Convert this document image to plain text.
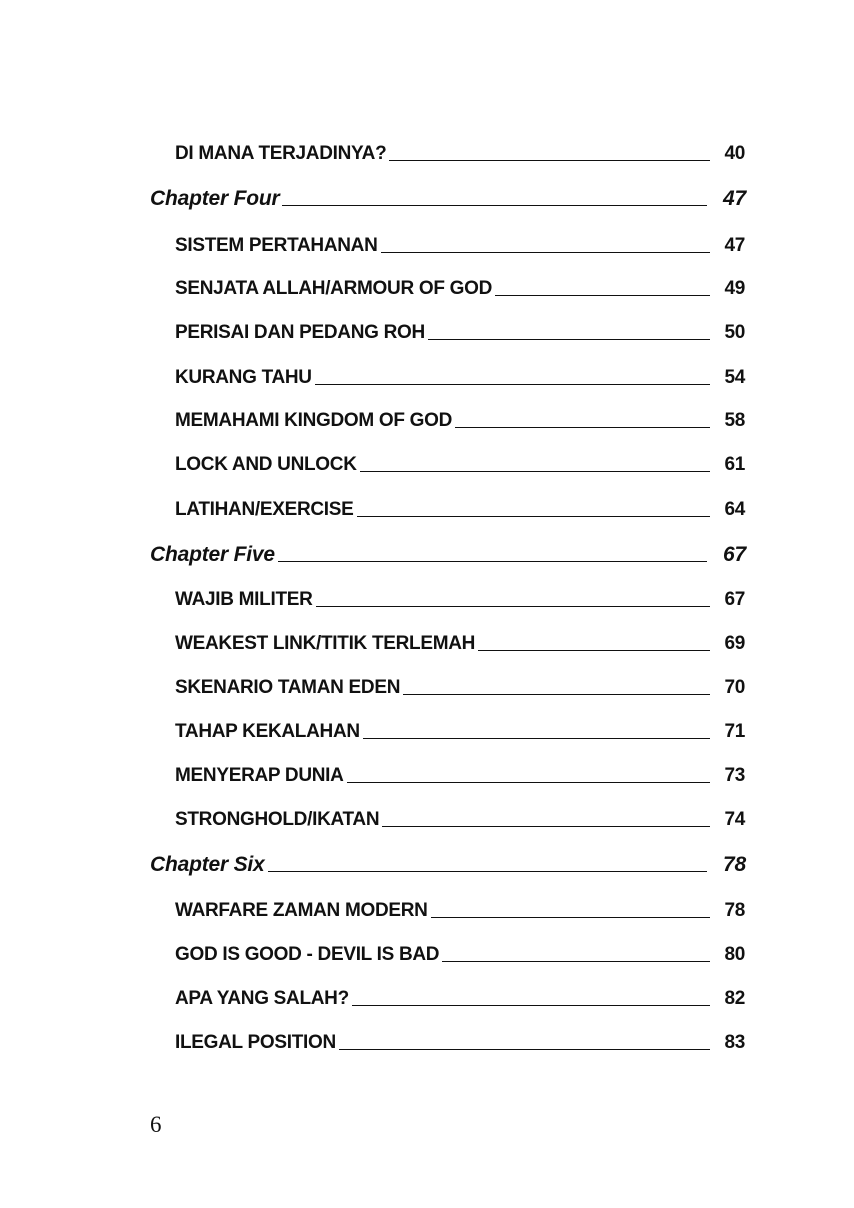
DI MANA TERJADINYA?	40
Chapter Four	47
SISTEM PERTAHANAN	47
SENJATA ALLAH/ARMOUR OF GOD	49
PERISAI DAN PEDANG ROH	50
KURANG TAHU	54
MEMAHAMI KINGDOM OF GOD	58
LOCK AND UNLOCK	61
LATIHAN/EXERCISE	64
Chapter Five	67
WAJIB MILITER	67
WEAKEST LINK/TITIK TERLEMAH	69
SKENARIO TAMAN EDEN	70
TAHAP KEKALAHAN	71
MENYERAP DUNIA	73
STRONGHOLD/IKATAN	74
Chapter Six	78
WARFARE ZAMAN MODERN	78
GOD IS GOOD - DEVIL IS BAD	80
APA YANG SALAH?	82
ILEGAL POSITION	83
6
